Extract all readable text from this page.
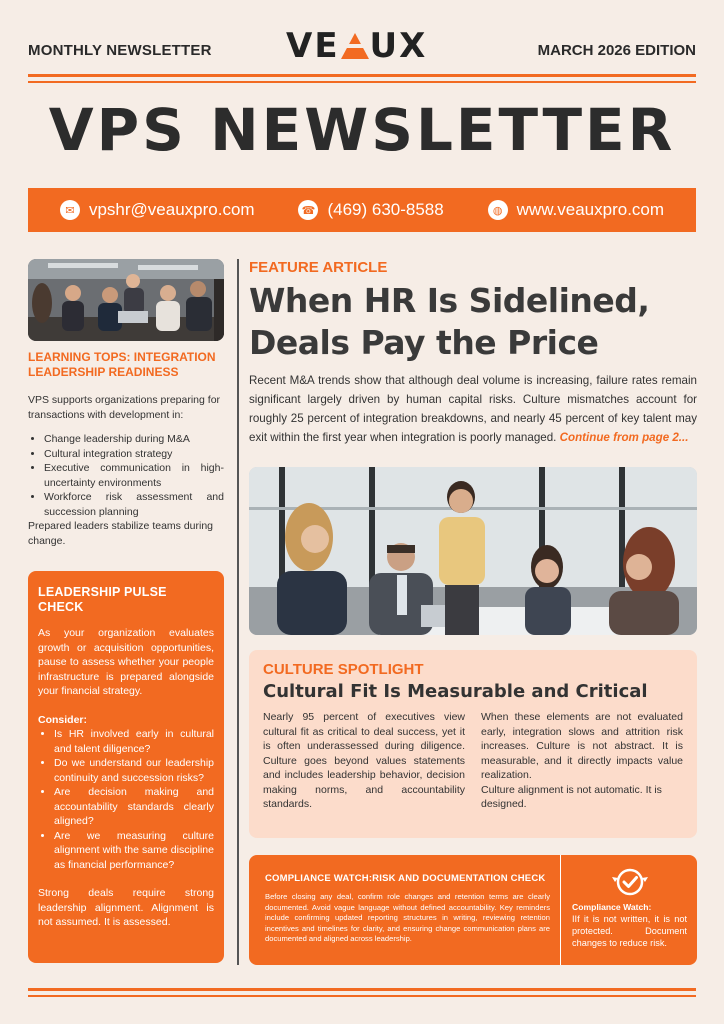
MONTHLY NEWSLETTER VE UX	MARCH 2026 EDITION
VPS NEWSLETTER
✉ vpshr@veauxpro.com	☎ (469) 630-8588	◍ www.veauxpro.com
LEARNING TOPS: INTEGRATION LEADERSHIP READINESS

VPS supports organizations preparing for transactions with development in:

• Change leadership during M&A
• Cultural integration strategy
• Executive communication in high-uncertainty environments
• Workforce risk assessment and succession planning

Prepared leaders stabilize teams during change.

LEADERSHIP PULSE CHECK

As your organization evaluates growth or acquisition opportunities, pause to assess whether your people infrastructure is prepared alongside your financial strategy.

Consider:

• Is HR involved early in cultural and talent diligence?
• Do we understand our leadership continuity and succession risks?
• Are decision making and accountability standards clearly aligned?
• Are we measuring culture alignment with the same discipline as financial performance?

Strong deals require strong leadership alignment. Alignment is not assumed. It is assessed.

FEATURE ARTICLE
When HR Is Sidelined,
Deals Pay the Price
Recent M&A trends show that although deal volume is increasing, failure rates remain significant largely driven by human capital risks. Culture mismatches account for roughly 25 percent of integration breakdowns, and nearly 45 percent of key talent may exit within the first year when integration is poorly managed. Continue from page 2...
CULTURE SPOTLIGHT
Cultural Fit Is Measurable and Critical
Nearly 95 percent of executives view cultural fit as critical to deal success, yet it is often underassessed during diligence. Culture goes beyond values statements and includes leadership behavior, decision making norms, and accountability standards.

When these elements are not evaluated early, integration slows and attrition risk increases. Culture is not abstract. It is measurable, and it directly impacts value realization.

Culture alignment is not automatic. It is designed.

COMPLIANCE WATCH:RISK AND DOCUMENTATION CHECK

Before closing any deal, confirm role changes and retention terms are clearly documented. Avoid vague language without defined accountability. Key reminders include confirming updated reporting structures in writing, reviewing retention incentives and timelines for clarity, and ensuring change communication plans are documented and aligned across leadership.

Compliance Watch:
IIf it is not written, it is not protected. Document changes to reduce risk.
